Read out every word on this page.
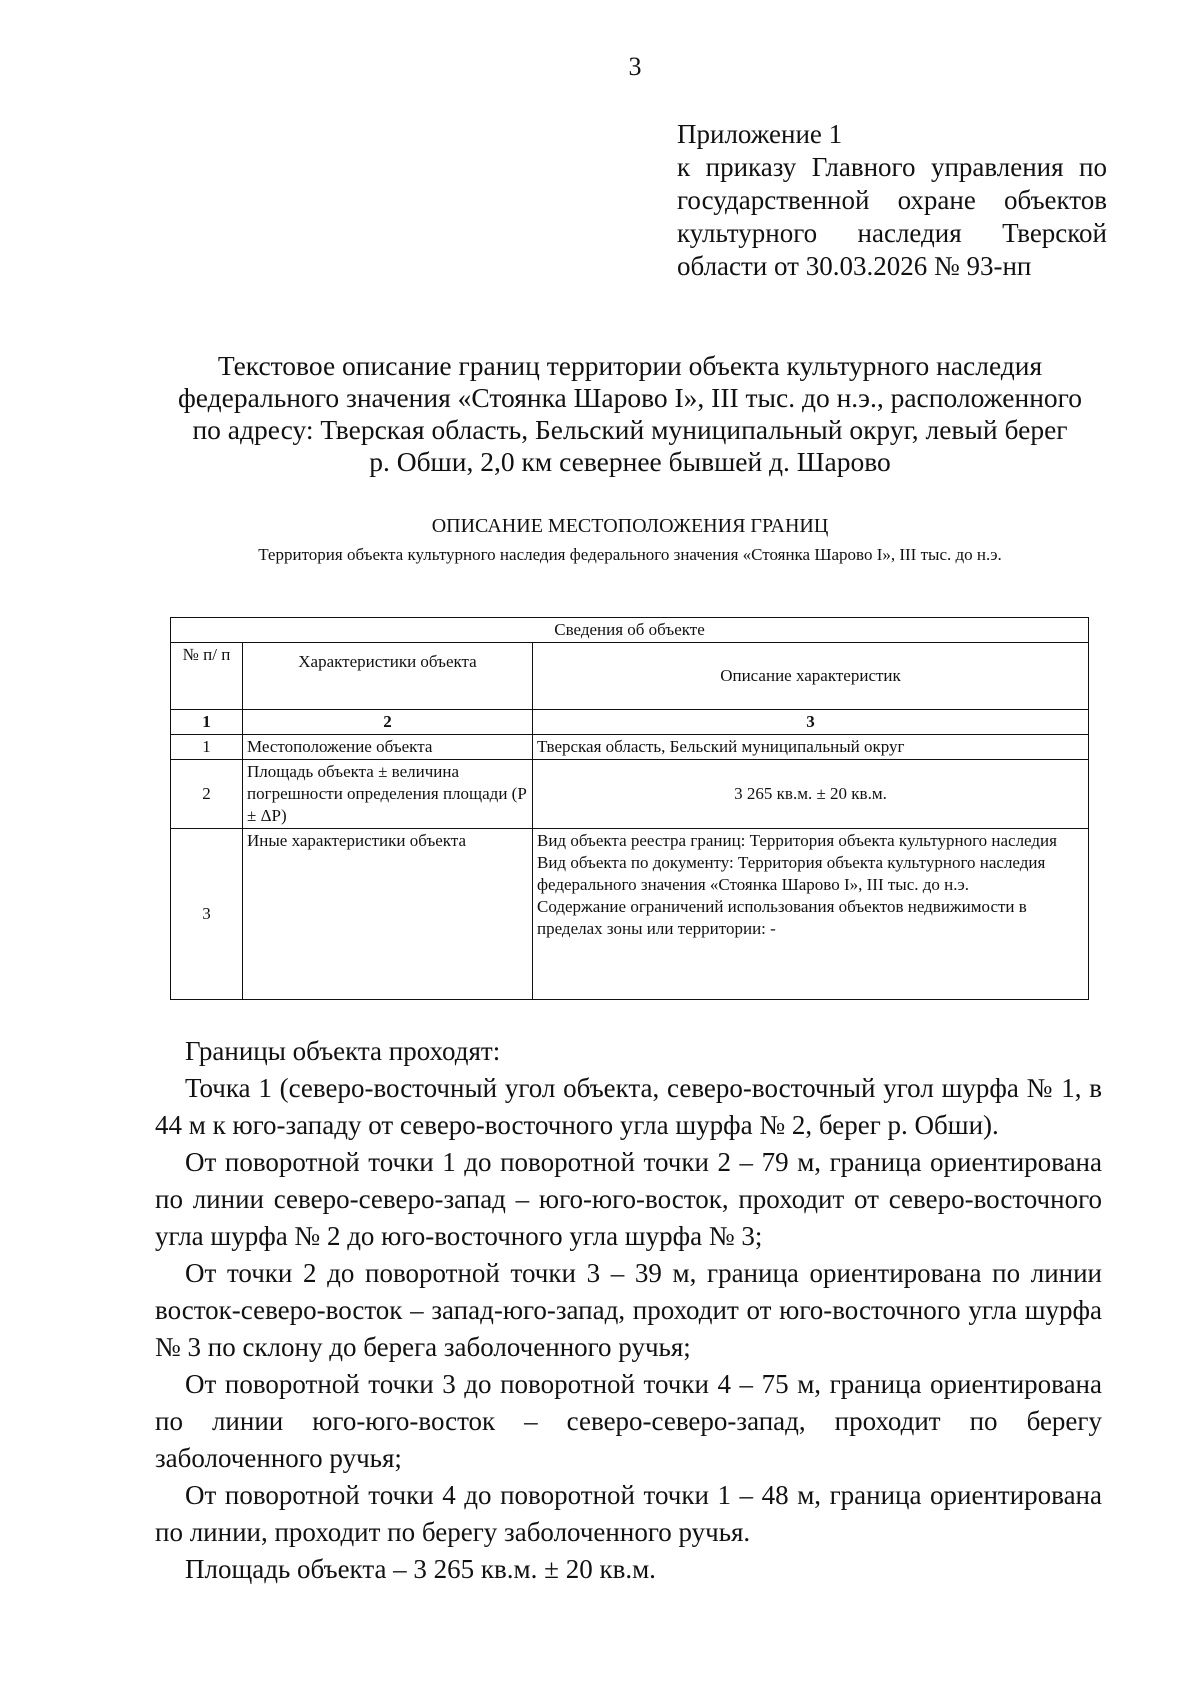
3
Приложение 1
к приказу Главного управления по
государственной охране объектов
культурного наследия Тверской
области от 30.03.2026 № 93-нп
Текстовое описание границ территории объекта культурного наследия
федерального значения «Стоянка Шарово I», III тыс. до н.э., расположенного
по адресу: Тверская область, Бельский муниципальный округ, левый берег
р. Обши, 2,0 км севернее бывшей д. Шарово
ОПИСАНИЕ МЕСТОПОЛОЖЕНИЯ ГРАНИЦ
Территория объекта культурного наследия федерального значения «Стоянка Шарово I», III тыс. до н.э.
Сведения об объекте		
№ п/ п	Характеристики объекта	Описание характеристик
1	2	3
1	Местоположение объекта	Тверская область, Бельский муниципальный округ
2	Площадь объекта ± величина погрешности определения площади (P ± ΔP)	3 265 кв.м. ± 20 кв.м.
3	Иные характеристики объекта	Вид объекта реестра границ: Территория объекта культурного наследия
Вид объекта по документу: Территория объекта культурного наследия федерального значения «Стоянка Шарово I», III тыс. до н.э.
Содержание ограничений использования объектов недвижимости в пределах зоны или территории: -

Границы объекта проходят:

Точка 1 (северо-восточный угол объекта, северо-восточный угол шурфа № 1, в 44 м к юго-западу от северо-восточного угла шурфа № 2, берег р. Обши).

От поворотной точки 1 до поворотной точки 2 – 79 м, граница ориентирована по линии северо-северо-запад – юго-юго-восток, проходит от северо-восточного угла шурфа № 2 до юго-восточного угла шурфа № 3;

От точки 2 до поворотной точки 3 – 39 м, граница ориентирована по линии восток-северо-восток – запад-юго-запад, проходит от юго-восточного угла шурфа № 3 по склону до берега заболоченного ручья;

От поворотной точки 3 до поворотной точки 4 – 75 м, граница ориентирована по линии юго-юго-восток – северо-северо-запад, проходит по берегу заболоченного ручья;

От поворотной точки 4 до поворотной точки 1 – 48 м, граница ориентирована по линии, проходит по берегу заболоченного ручья.

Площадь объекта – 3 265 кв.м. ± 20 кв.м.
